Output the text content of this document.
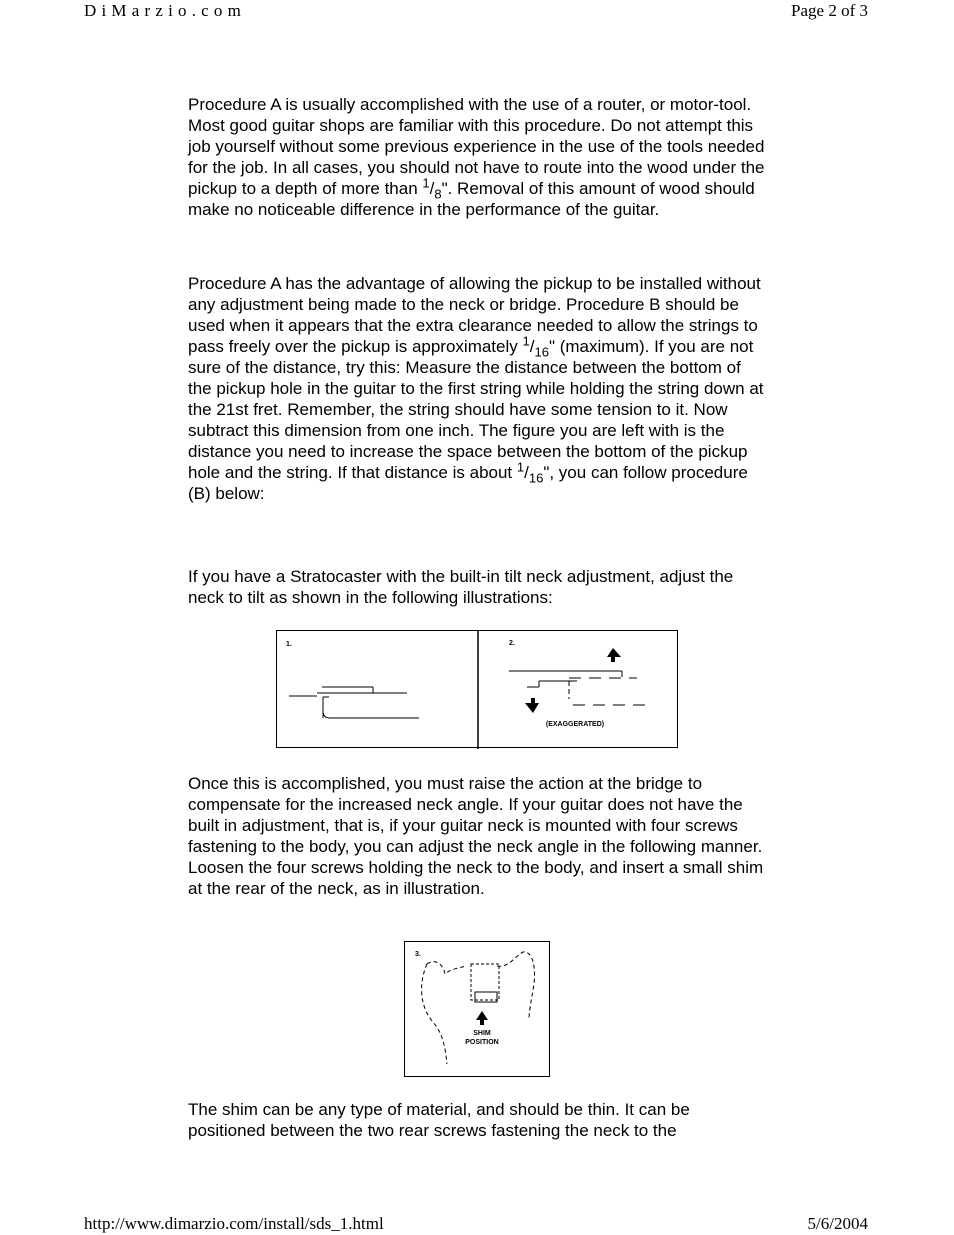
DiMarzio.com	Page 2 of 3

Procedure A is usually accomplished with the use of a router, or motor-tool. Most good guitar shops are familiar with this procedure. Do not attempt this job yourself without some previous experience in the use of the tools needed for the job. In all cases, you should not have to route into the wood under the pickup to a depth of more than $^1/_8$". Removal of this amount of wood should make no noticeable difference in the performance of the guitar.

Procedure A has the advantage of allowing the pickup to be installed without any adjustment being made to the neck or bridge. Procedure B should be used when it appears that the extra clearance needed to allow the strings to pass freely over the pickup is approximately $^1/_{16}$" (maximum). If you are not sure of the distance, try this: Measure the distance between the bottom of the pickup hole in the guitar to the first string while holding the string down at the 21st fret. Remember, the string should have some tension to it. Now subtract this dimension from one inch. The figure you are left with is the distance you need to increase the space between the bottom of the pickup hole and the string. If that distance is about $^1/_{16}$", you can follow procedure (B) below:

If you have a Stratocaster with the built-in tilt neck adjustment, adjust the neck to tilt as shown in the following illustrations:

1.	2.
(EXAGGERATED)

Once this is accomplished, you must raise the action at the bridge to compensate for the increased neck angle. If your guitar does not have the built in adjustment, that is, if your guitar neck is mounted with four screws fastening to the body, you can adjust the neck angle in the following manner. Loosen the four screws holding the neck to the body, and insert a small shim at the rear of the neck, as in illustration.

3.
SHIM
POSITION

The shim can be any type of material, and should be thin. It can be positioned between the two rear screws fastening the neck to the

http://www.dimarzio.com/install/sds_1.html	5/6/2004
